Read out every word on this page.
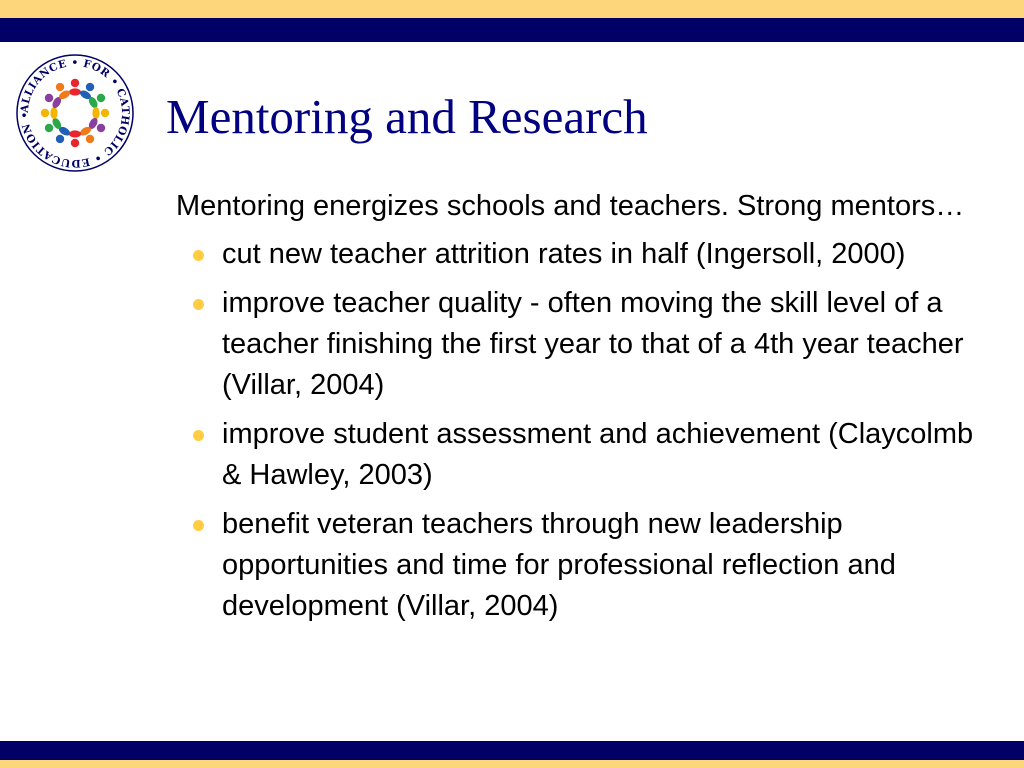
ALLIANCE • FOR • CATHOLIC • EDUCATION •	Mentoring and Research

Mentoring energizes schools and teachers. Strong mentors…

cut new teacher attrition rates in half (Ingersoll, 2000)
improve teacher quality - often moving the skill level of a teacher finishing the first year to that of a 4th year teacher (Villar, 2004)
improve student assessment and achievement (Claycolmb & Hawley, 2003)
benefit veteran teachers through new leadership opportunities and time for professional reflection and development (Villar, 2004)
